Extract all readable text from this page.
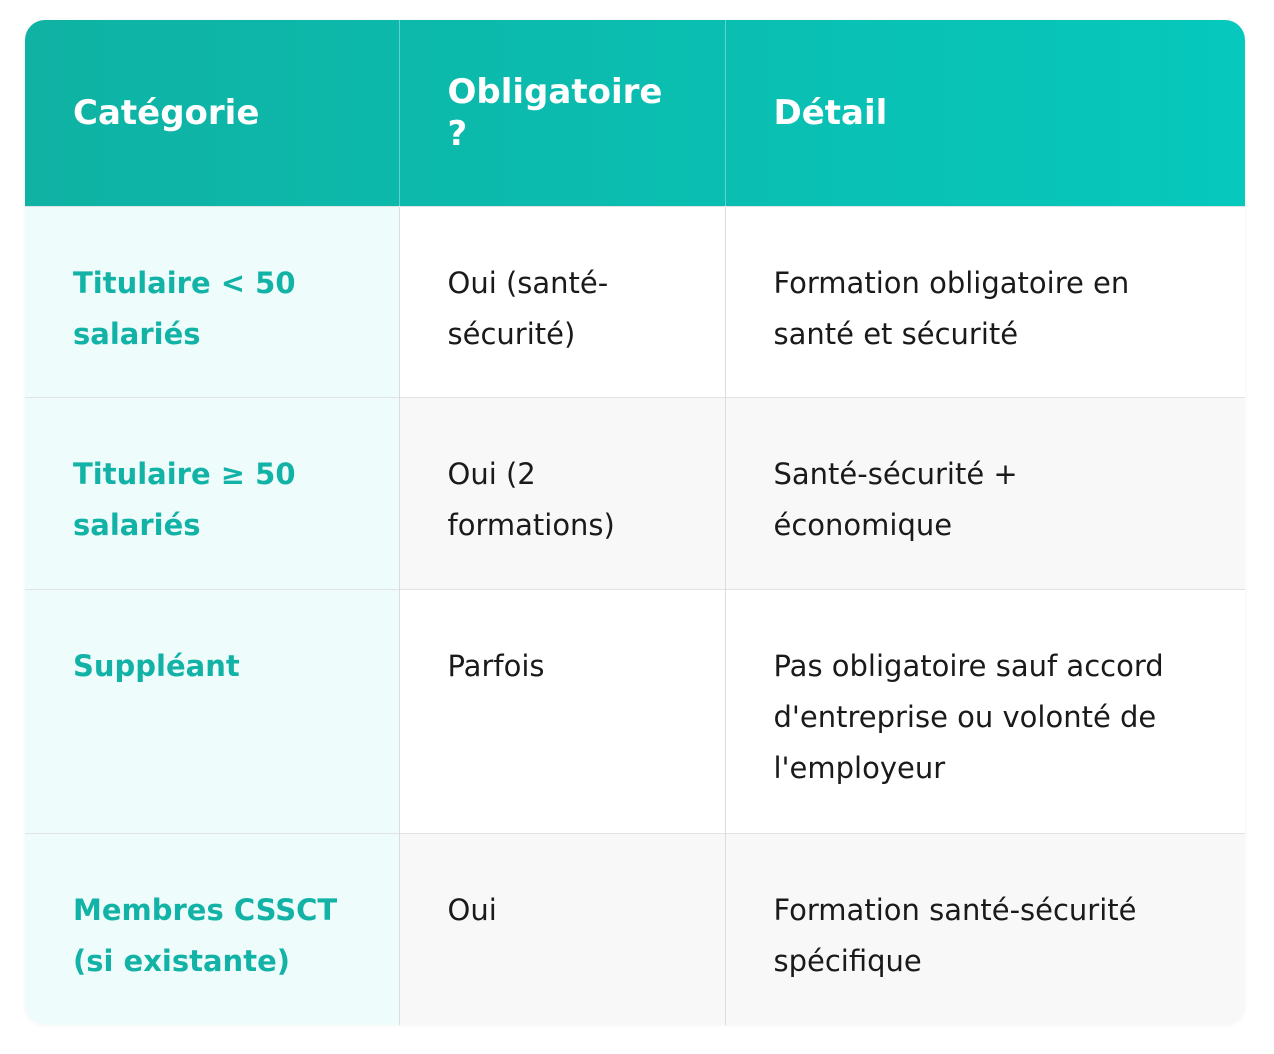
Catégorie	Obligatoire ?	Détail
Titulaire < 50 salariés	Oui (santé-sécurité)	Formation obligatoire en santé et sécurité
Titulaire ≥ 50 salariés	Oui (2 formations)	Santé-sécurité + économique
Suppléant	Parfois	Pas obligatoire sauf accord d'entreprise ou volonté de l'employeur
Membres CSSCT (si existante)	Oui	Formation santé-sécurité spécifique
